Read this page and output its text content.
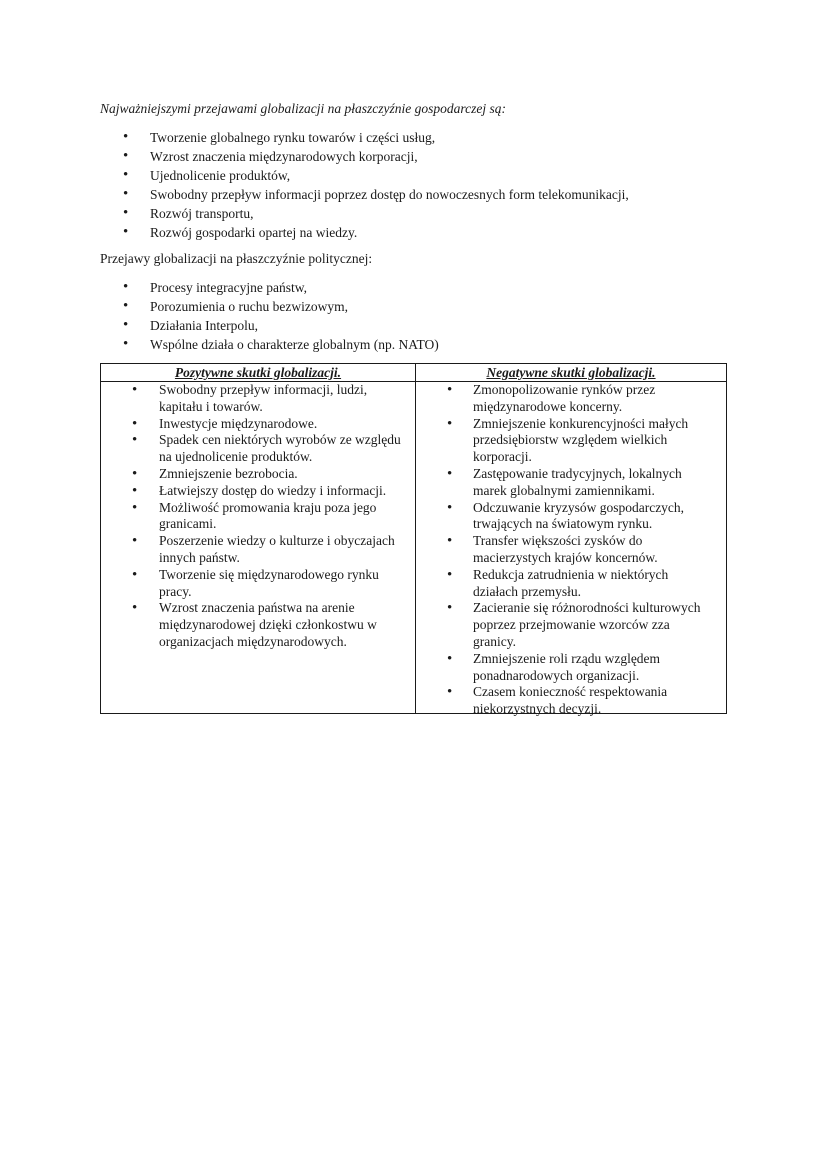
Najważniejszymi przejawami globalizacji na płaszczyźnie gospodarczej są:

• Tworzenie globalnego rynku towarów i części usług,
• Wzrost znaczenia międzynarodowych korporacji,
• Ujednolicenie produktów,
• Swobodny przepływ informacji poprzez dostęp do nowoczesnych form telekomunikacji,
• Rozwój transportu,
• Rozwój gospodarki opartej na wiedzy.

Przejawy globalizacji na płaszczyźnie politycznej:

• Procesy integracyjne państw,
• Porozumienia o ruchu bezwizowym,
• Działania Interpolu,
• Wspólne działa o charakterze globalnym (np. NATO)
Pozytywne skutki globalizacji.
• Swobodny przepływ informacji, ludzi, kapitału i towarów.
• Inwestycje międzynarodowe.
• Spadek cen niektórych wyrobów ze względu na ujednolicenie produktów.
• Zmniejszenie bezrobocia.
• Łatwiejszy dostęp do wiedzy i informacji.
• Możliwość promowania kraju poza jego granicami.
• Poszerzenie wiedzy o kulturze i obyczajach innych państw.
• Tworzenie się międzynarodowego rynku pracy.
• Wzrost znaczenia państwa na arenie międzynarodowej dzięki członkostwu w organizacjach międzynarodowych.
Negatywne skutki globalizacji.
• Zmonopolizowanie rynków przez międzynarodowe koncerny.
• Zmniejszenie konkurencyjności małych przedsiębiorstw względem wielkich korporacji.
• Zastępowanie tradycyjnych, lokalnych marek globalnymi zamiennikami.
• Odczuwanie kryzysów gospodarczych, trwających na światowym rynku.
• Transfer większości zysków do macierzystych krajów koncernów.
• Redukcja zatrudnienia w niektórych działach przemysłu.
• Zacieranie się różnorodności kulturowych poprzez przejmowanie wzorców zza granicy.
• Zmniejszenie roli rządu względem ponadnarodowych organizacji.
• Czasem konieczność respektowania niekorzystnych decyzji.
